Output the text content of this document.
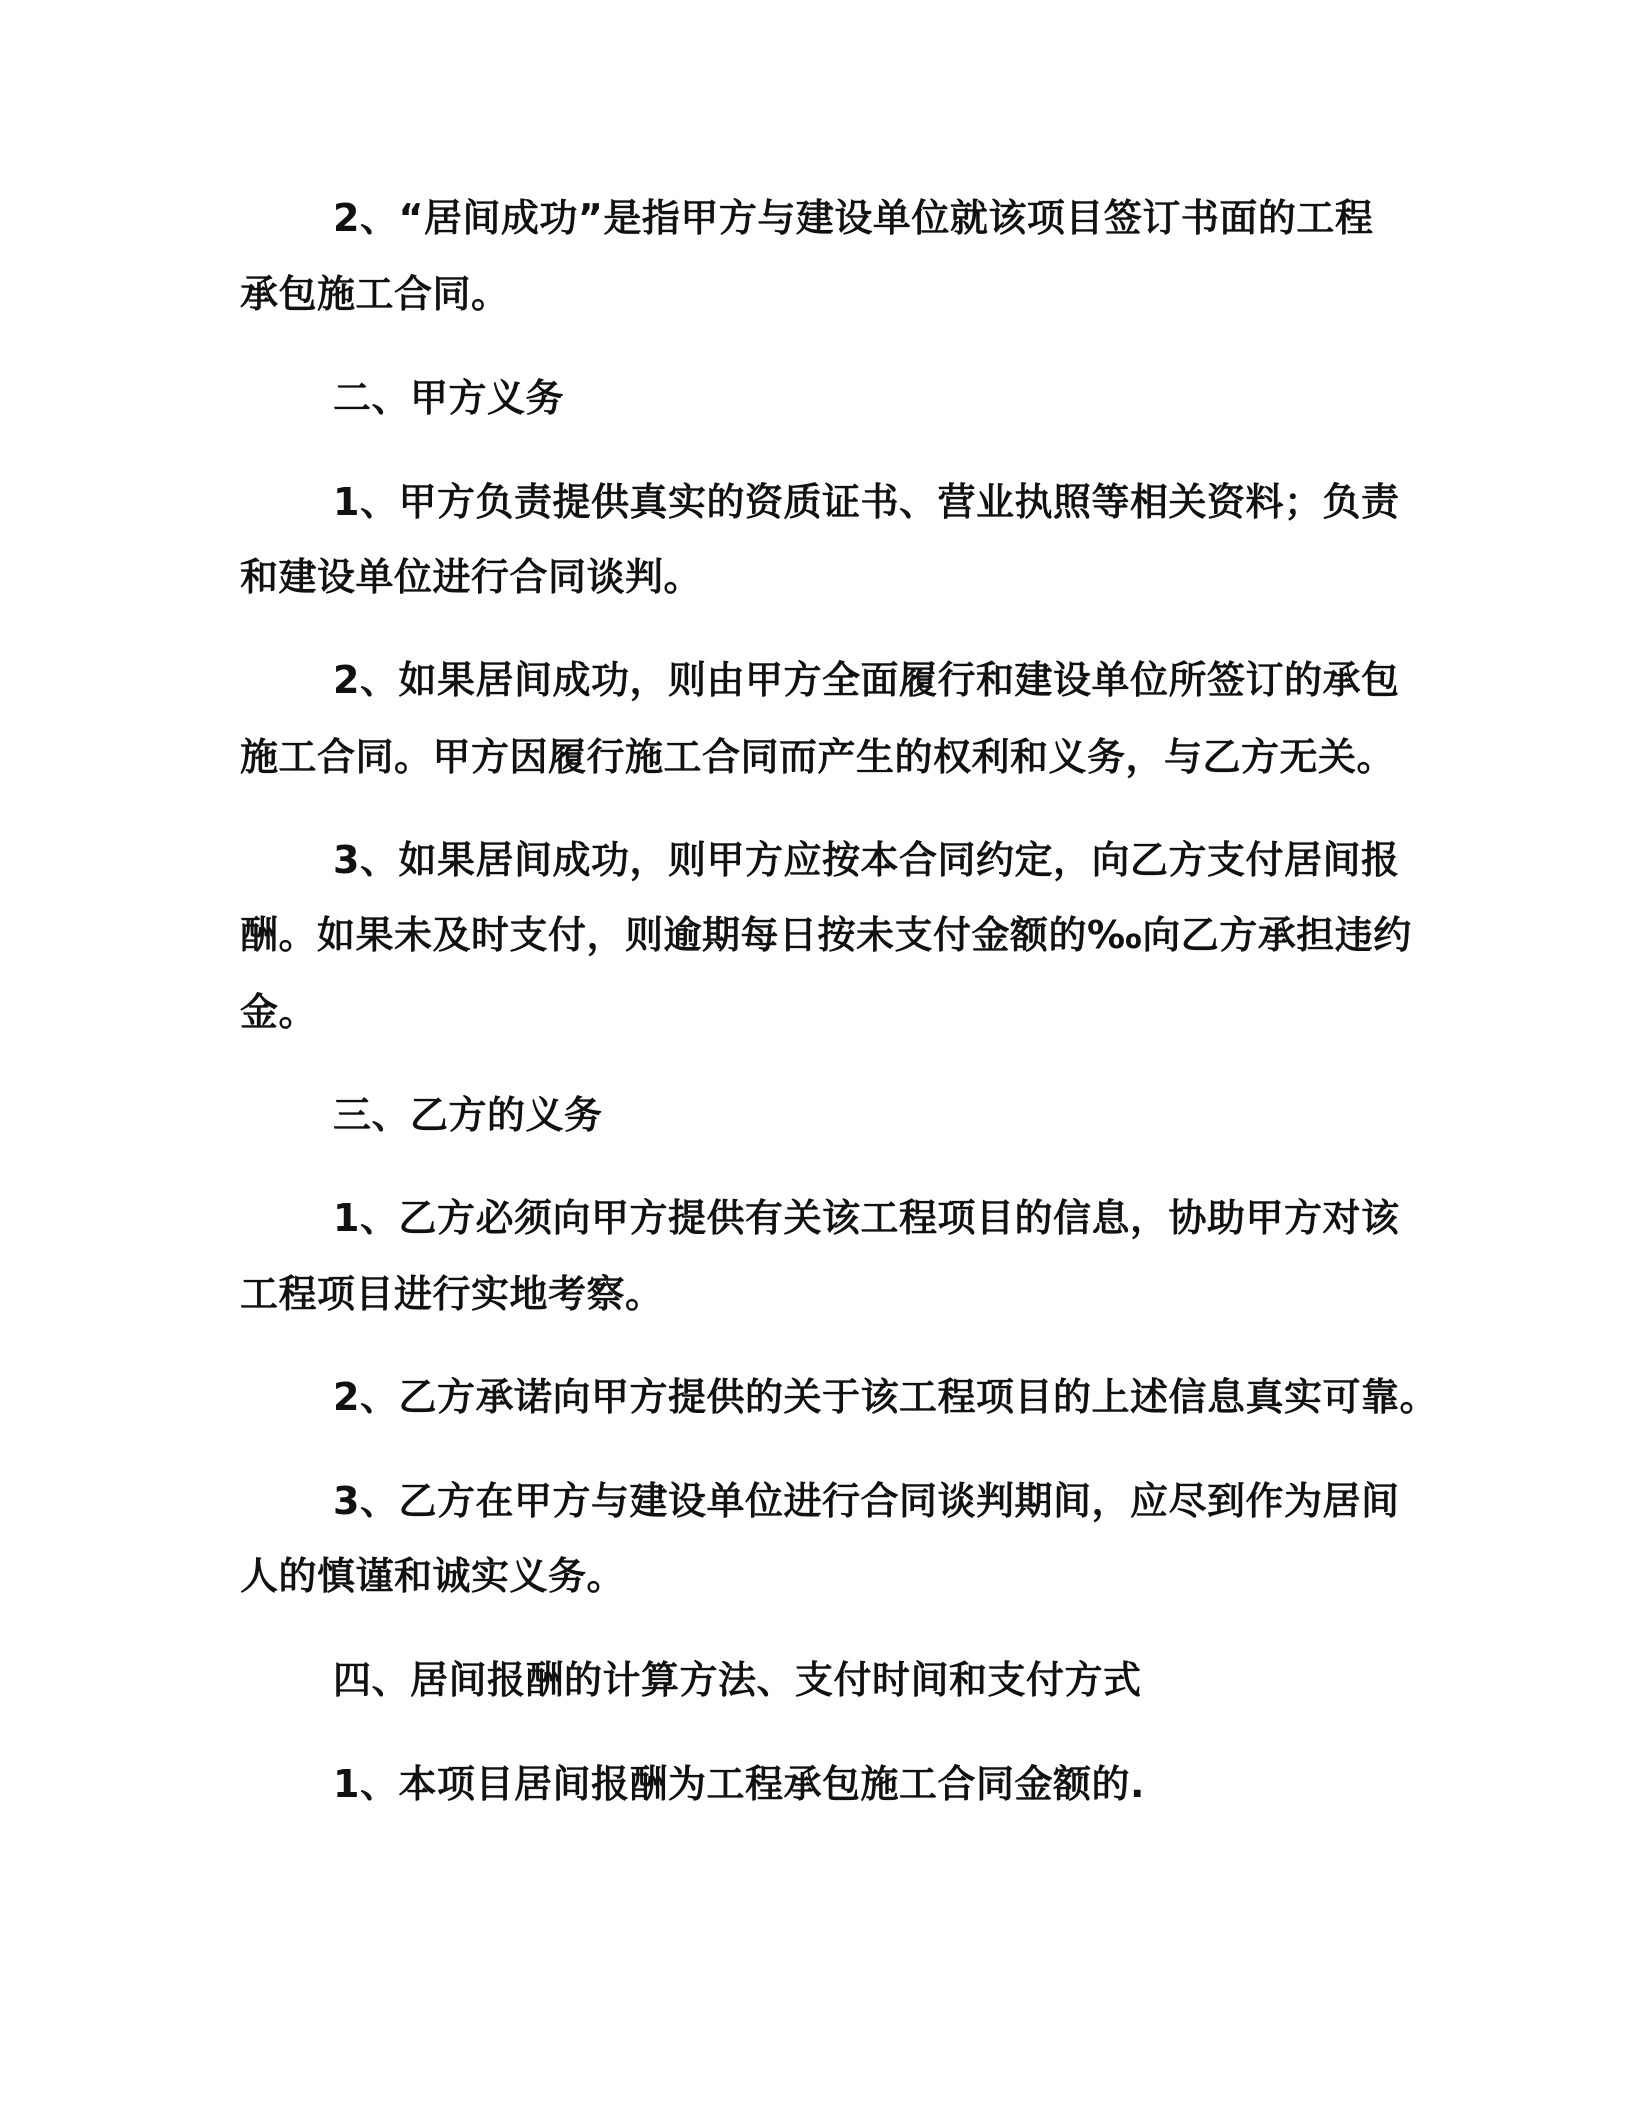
2、“居间成功”是指甲方与建设单位就该项目签订书面的工程
承包施工合同。
二、甲方义务
1、甲方负责提供真实的资质证书、营业执照等相关资料；负责
和建设单位进行合同谈判。
2、如果居间成功，则由甲方全面履行和建设单位所签订的承包
施工合同。甲方因履行施工合同而产生的权利和义务，与乙方无关。
3、如果居间成功，则甲方应按本合同约定，向乙方支付居间报
酬。如果未及时支付，则逾期每日按未支付金额的‰向乙方承担违约
金。
三、乙方的义务
1、乙方必须向甲方提供有关该工程项目的信息，协助甲方对该
工程项目进行实地考察。
2、乙方承诺向甲方提供的关于该工程项目的上述信息真实可靠。
3、乙方在甲方与建设单位进行合同谈判期间，应尽到作为居间
人的慎谨和诚实义务。
四、居间报酬的计算方法、支付时间和支付方式
1、本项目居间报酬为工程承包施工合同金额的.
